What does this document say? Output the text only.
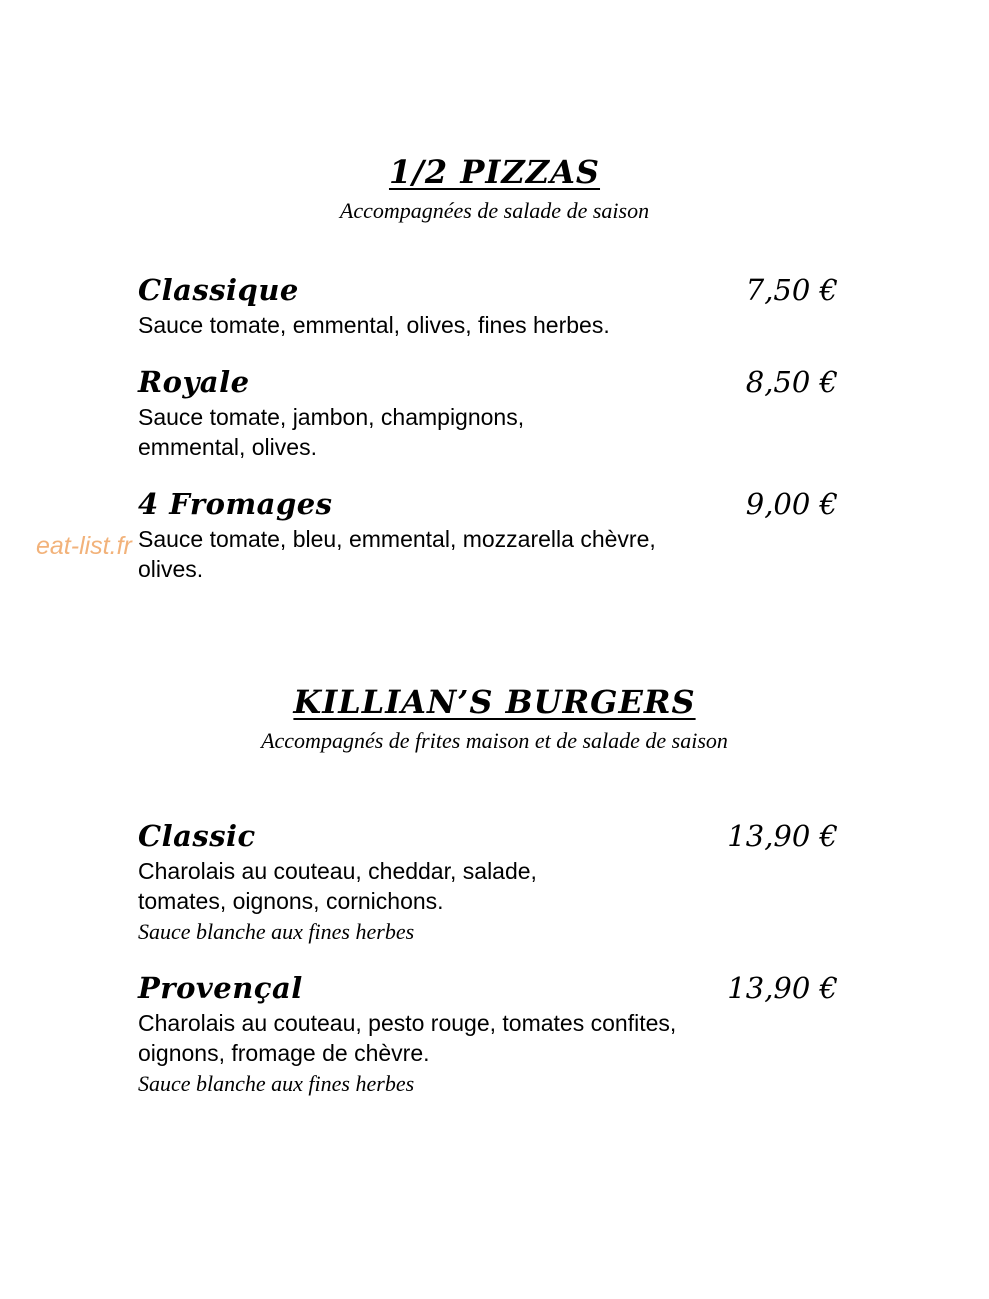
1/2 PIZZAS

Accompagnées de salade de saison

Classique	7,50 €
Sauce tomate, emmental, olives, fines herbes.
Royale	8,50 €
Sauce tomate, jambon, champignons, emmental, olives.
4 Fromages	9,00 €
Sauce tomate, bleu, emmental, mozzarella chèvre, olives.
eat-list.fr
KILLIAN’S BURGERS

Accompagnés de frites maison et de salade de saison

Classic	13,90 €
Charolais au couteau, cheddar, salade, tomates, oignons, cornichons.
Sauce blanche aux fines herbes
Provençal	13,90 €
Charolais au couteau, pesto rouge, tomates confites, oignons, fromage de chèvre.
Sauce blanche aux fines herbes
